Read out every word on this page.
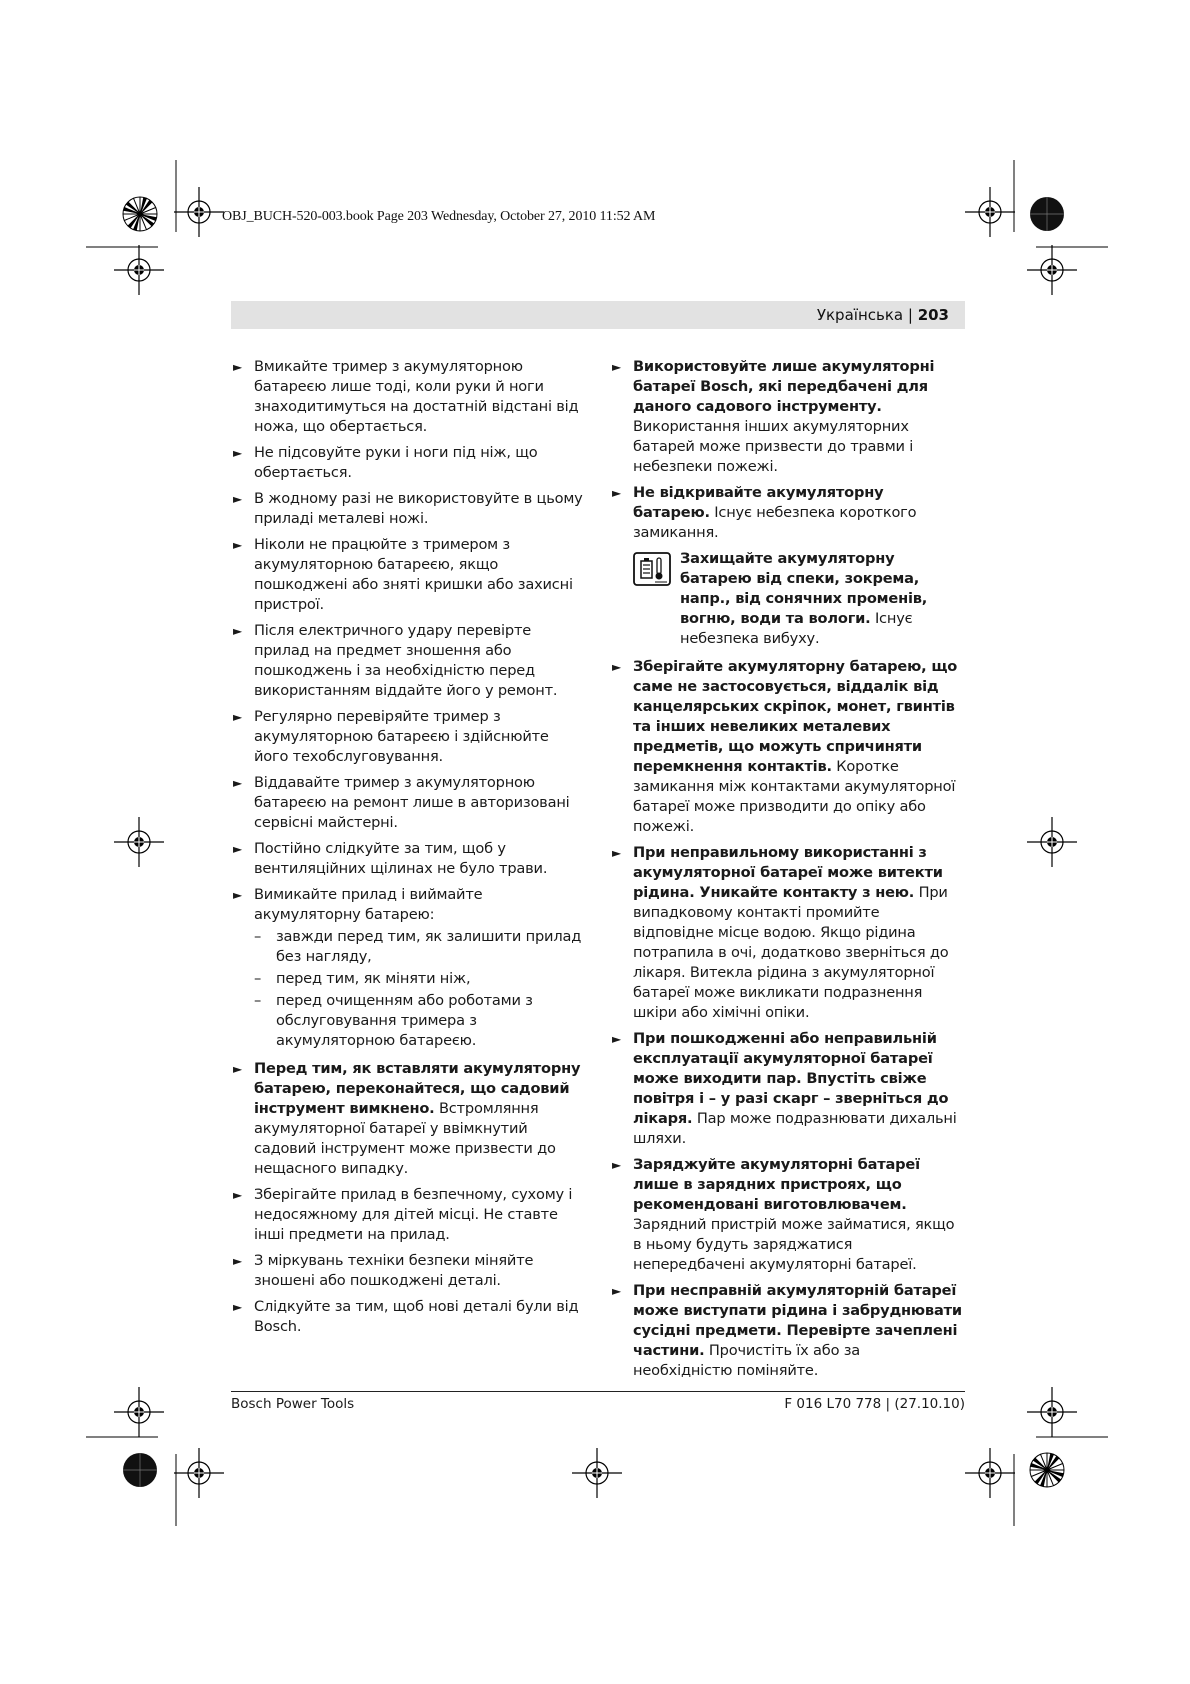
OBJ_BUCH-520-003.book Page 203 Wednesday, October 27, 2010 11:52 AM
Українська | 203
► Вмикайте тример з акумуляторною батареєю лише тоді, коли руки й ноги знаходитимуться на достатній відстані від ножа, що обертається.
► Не підсовуйте руки і ноги під ніж, що обертається.
► В жодному разі не використовуйте в цьому приладі металеві ножі.
► Ніколи не працюйте з тримером з акумуляторною батареєю, якщо пошкоджені або зняті кришки або захисні пристрої.
► Після електричного удару перевірте прилад на предмет зношення або пошкоджень і за необхідністю перед використанням віддайте його у ремонт.
► Регулярно перевіряйте тример з акумуляторною батареєю і здійснюйте його техобслуговування.
► Віддавайте тример з акумуляторною батареєю на ремонт лише в авторизовані сервісні майстерні.
► Постійно слідкуйте за тим, щоб у вентиляційних щілинах не було трави.
► Вимикайте прилад і виймайте акумуляторну батарею:
– завжди перед тим, як залишити прилад без нагляду,
– перед тим, як міняти ніж,
– перед очищенням або роботами з обслуговування тримера з акумуляторною батареєю.
► Перед тим, як вставляти акумуляторну батарею, переконайтеся, що садовий інструмент вимкнено. Встромляння акумуляторної батареї у ввімкнутий садовий інструмент може призвести до нещасного випадку.
► Зберігайте прилад в безпечному, сухому і недосяжному для дітей місці. Не ставте інші предмети на прилад.
► З міркувань техніки безпеки міняйте зношені або пошкоджені деталі.
► Слідкуйте за тим, щоб нові деталі були від Bosch.
► Використовуйте лише акумуляторні батареї Bosch, які передбачені для даного садового інструменту. Використання інших акумуляторних батарей може призвести до травми і небезпеки пожежі.
► Не відкривайте акумуляторну батарею. Існує небезпека короткого замикання.
Захищайте акумуляторну батарею від спеки, зокрема, напр., від сонячних променів, вогню, води та вологи. Існує небезпека вибуху.
► Зберігайте акумуляторну батарею, що саме не застосовується, віддалік від канцелярських скріпок, монет, гвинтів та інших невеликих металевих предметів, що можуть спричиняти перемкнення контактів. Коротке замикання між контактами акумуляторної батареї може призводити до опіку або пожежі.
► При неправильному використанні з акумуляторної батареї може витекти рідина. Уникайте контакту з нею. При випадковому контакті промийте відповідне місце водою. Якщо рідина потрапила в очі, додатково зверніться до лікаря. Витекла рідина з акумуляторної батареї може викликати подразнення шкіри або хімічні опіки.
► При пошкодженні або неправильній експлуатації акумуляторної батареї може виходити пар. Впустіть свіже повітря і – у разі скарг – зверніться до лікаря. Пар може подразнювати дихальні шляхи.
► Заряджуйте акумуляторні батареї лише в зарядних пристроях, що рекомендовані виготовлювачем. Зарядний пристрій може займатися, якщо в ньому будуть заряджатися непередбачені акумуляторні батареї.
► При несправній акумуляторній батареї може виступати рідина і забруднювати сусідні предмети. Перевірте зачеплені частини. Прочистіть їх або за необхідністю поміняйте.
Bosch Power Tools	F 016 L70 778 | (27.10.10)
